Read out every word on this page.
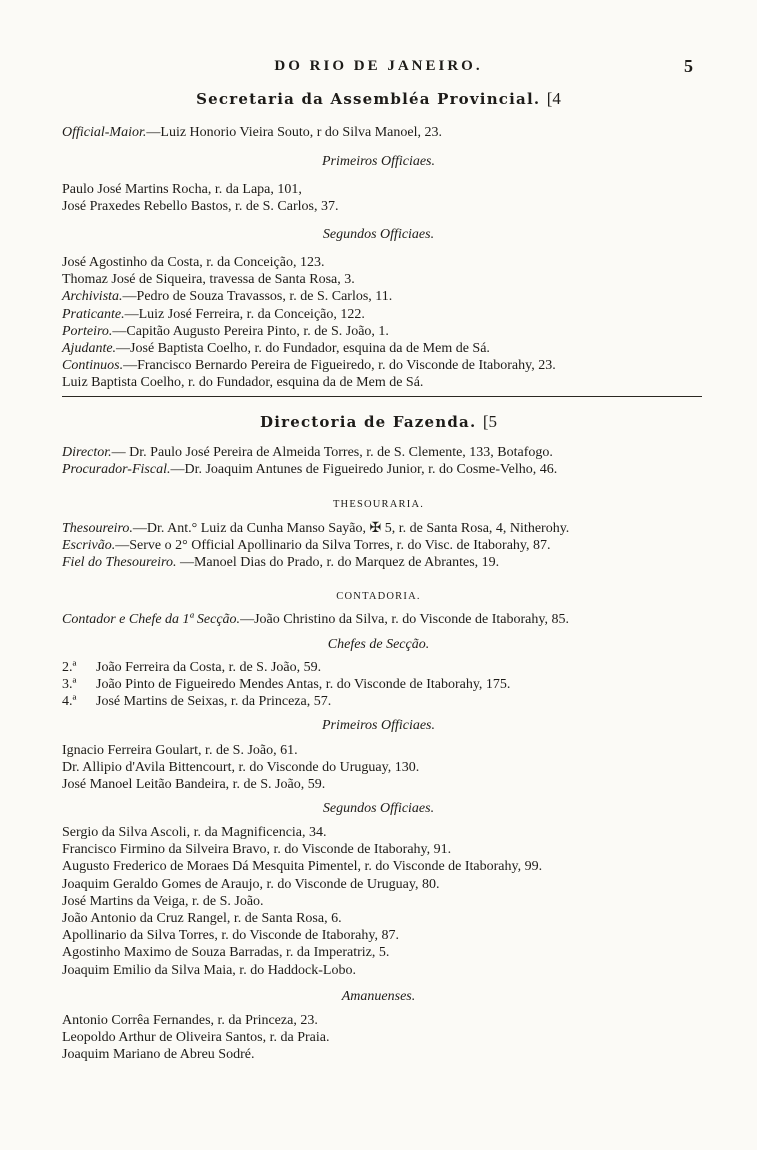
DO RIO DE JANEIRO.	5
Secretaria da Assembléa Provincial. [4
Official-Maior.—Luiz Honorio Vieira Souto, r do Silva Manoel, 23.
Primeiros Officiaes.
Paulo José Martins Rocha, r. da Lapa, 101,
José Praxedes Rebello Bastos, r. de S. Carlos, 37.
Segundos Officiaes.
José Agostinho da Costa, r. da Conceição, 123.
Thomaz José de Siqueira, travessa de Santa Rosa, 3.
Archivista.—Pedro de Souza Travassos, r. de S. Carlos, 11.
Praticante.—Luiz José Ferreira, r. da Conceição, 122.
Porteiro.—Capitão Augusto Pereira Pinto, r. de S. João, 1.
Ajudante.—José Baptista Coelho, r. do Fundador, esquina da de Mem de Sá.
Continuos.—Francisco Bernardo Pereira de Figueiredo, r. do Visconde de Itaborahy, 23.
Luiz Baptista Coelho, r. do Fundador, esquina da de Mem de Sá.
Directoria de Fazenda. [5
Director.— Dr. Paulo José Pereira de Almeida Torres, r. de S. Clemente, 133, Botafogo.
Procurador-Fiscal.—Dr. Joaquim Antunes de Figueiredo Junior, r. do Cosme-Velho, 46.
THESOURARIA.
Thesoureiro.—Dr. Ant.° Luiz da Cunha Manso Sayão, ✠ 5, r. de Santa Rosa, 4, Nitherohy.
Escrivão.—Serve o 2° Official Apollinario da Silva Torres, r. do Visc. de Itaborahy, 87.
Fiel do Thesoureiro. —Manoel Dias do Prado, r. do Marquez de Abrantes, 19.
CONTADORIA.
Contador e Chefe da 1ª Secção.—João Christino da Silva, r. do Visconde de Itaborahy, 85.
Chefes de Secção.
2.ª João Ferreira da Costa, r. de S. João, 59.
3.ª João Pinto de Figueiredo Mendes Antas, r. do Visconde de Itaborahy, 175.
4.ª José Martins de Seixas, r. da Princeza, 57.
Primeiros Officiaes.
Ignacio Ferreira Goulart, r. de S. João, 61.
Dr. Allipio d'Avila Bittencourt, r. do Visconde do Uruguay, 130.
José Manoel Leitão Bandeira, r. de S. João, 59.
Segundos Officiaes.
Sergio da Silva Ascoli, r. da Magnificencia, 34.
Francisco Firmino da Silveira Bravo, r. do Visconde de Itaborahy, 91.
Augusto Frederico de Moraes Dá Mesquita Pimentel, r. do Visconde de Itaborahy, 99.
Joaquim Geraldo Gomes de Araujo, r. do Visconde de Uruguay, 80.
José Martins da Veiga, r. de S. João.
João Antonio da Cruz Rangel, r. de Santa Rosa, 6.
Apollinario da Silva Torres, r. do Visconde de Itaborahy, 87.
Agostinho Maximo de Souza Barradas, r. da Imperatriz, 5.
Joaquim Emilio da Silva Maia, r. do Haddock-Lobo.
Amanuenses.
Antonio Corrêa Fernandes, r. da Princeza, 23.
Leopoldo Arthur de Oliveira Santos, r. da Praia.
Joaquim Mariano de Abreu Sodré.
